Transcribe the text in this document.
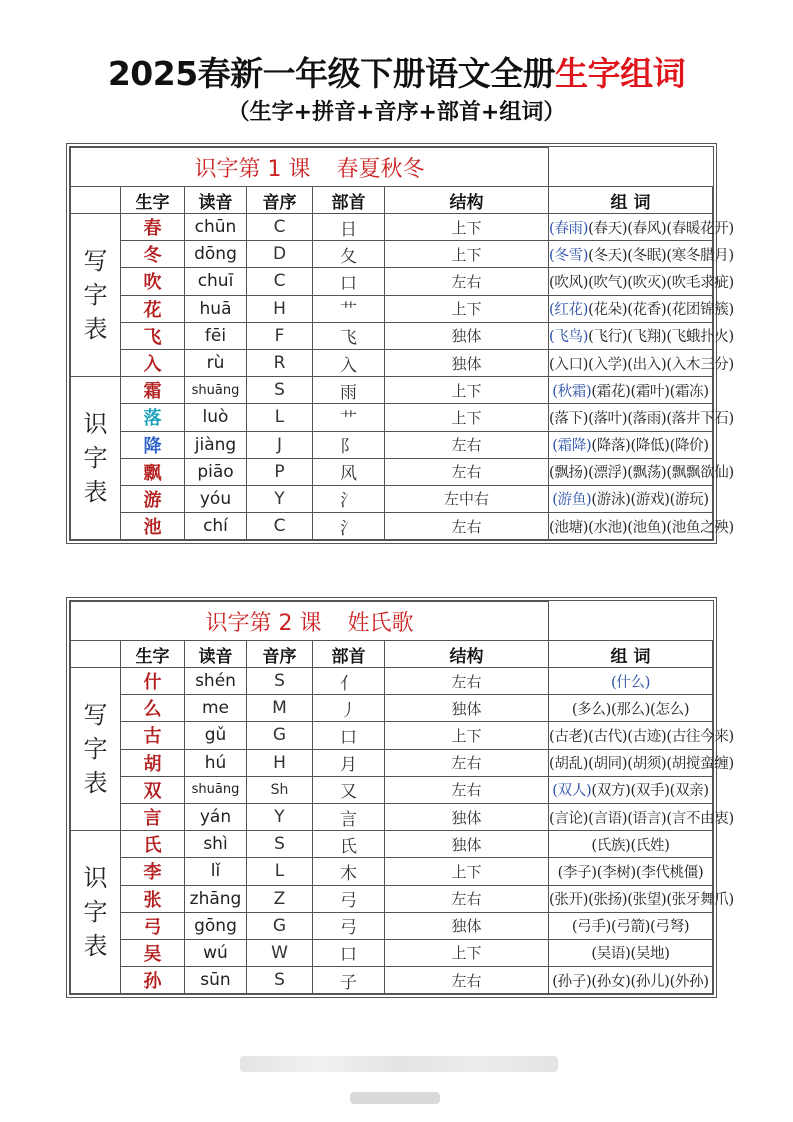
2025春新一年级下册语文全册生字组词
（生字+拼音+音序+部首+组词）
识字第 1 课 春夏秋冬						
	生字	读音	音序	部首	结构	组 词

写
字
表	春	chūn	C	日	上下	(春雨)(春天)(春风)(春暖花开)
	冬	dōng	D	夂	上下	(冬雪)(冬天)(冬眠)(寒冬腊月)
	吹	chuī	C	口	左右	(吹风)(吹气)(吹灭)(吹毛求疵)
	花	huā	H	艹	上下	(红花)(花朵)(花香)(花团锦簇)
	飞	fēi	F	飞	独体	(飞鸟)(飞行)(飞翔)(飞蛾扑火)
	入	rù	R	入	独体	(入口)(入学)(出入)(入木三分)

识
字
表	霜	shuāng	S	雨	上下	(秋霜)(霜花)(霜叶)(霜冻)
	落	luò	L	艹	上下	(落下)(落叶)(落雨)(落井下石)
	降	jiàng	J	阝	左右	(霜降)(降落)(降低)(降价)
	飘	piāo	P	风	左右	(飘扬)(漂浮)(飘荡)(飘飘欲仙)
	游	yóu	Y	氵	左中右	(游鱼)(游泳)(游戏)(游玩)
	池	chí	C	氵	左右	(池塘)(水池)(池鱼)(池鱼之殃)
识字第 2 课 姓氏歌						
	生字	读音	音序	部首	结构	组 词

写
字
表	什	shén	S	亻	左右	(什么)
	么	me	M	丿	独体	(多么)(那么)(怎么)
	古	gǔ	G	口	上下	(古老)(古代)(古迹)(古往今来)
	胡	hú	H	月	左右	(胡乱)(胡同)(胡须)(胡搅蛮缠)
	双	shuāng	Sh	又	左右	(双人)(双方)(双手)(双亲)
	言	yán	Y	言	独体	(言论)(言语)(语言)(言不由衷)

识
字
表	氏	shì	S	氏	独体	(氏族)(氏姓)
	李	lǐ	L	木	上下	(李子)(李树)(李代桃僵)
	张	zhāng	Z	弓	左右	(张开)(张扬)(张望)(张牙舞爪)
	弓	gōng	G	弓	独体	(弓手)(弓箭)(弓弩)
	吴	wú	W	口	上下	(吴语)(吴地)
	孙	sūn	S	子	左右	(孙子)(孙女)(孙儿)(外孙)
